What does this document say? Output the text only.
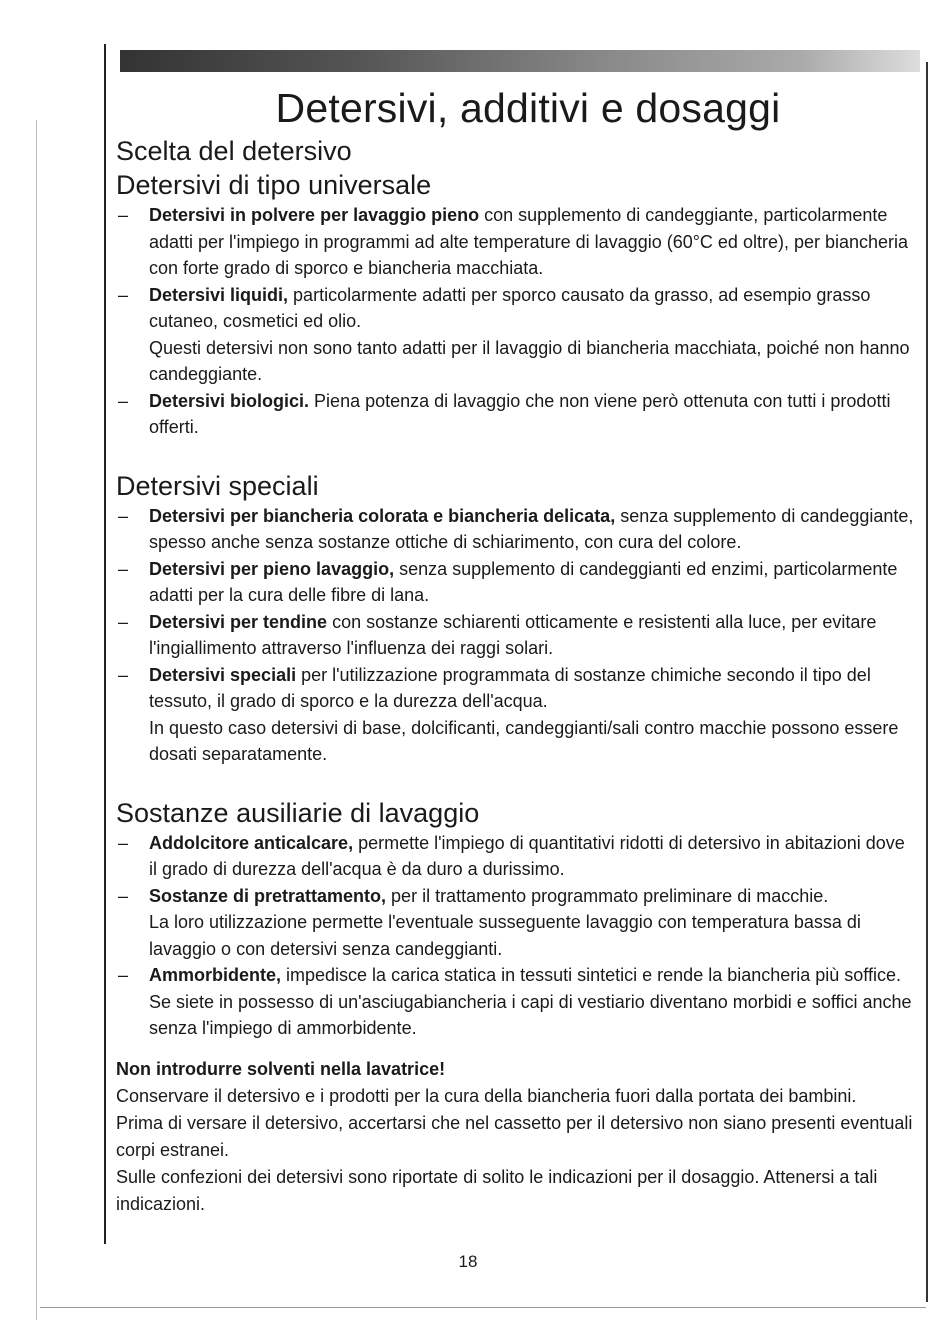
Detersivi, additivi e dosaggi
Scelta del detersivo
Detersivi di tipo universale
– Detersivi in polvere per lavaggio pieno con supplemento di candeggiante, particolarmente adatti per l'impiego in programmi ad alte temperature di lavaggio (60°C ed oltre), per biancheria con forte grado di sporco e biancheria macchiata.
– Detersivi liquidi, particolarmente adatti per sporco causato da grasso, ad esempio grasso cutaneo, cosmetici ed olio.
Questi detersivi non sono tanto adatti per il lavaggio di biancheria macchiata, poiché non hanno candeggiante.
– Detersivi biologici. Piena potenza di lavaggio che non viene però ottenuta con tutti i prodotti offerti.
Detersivi speciali
– Detersivi per biancheria colorata e biancheria delicata, senza supplemento di candeggiante, spesso anche senza sostanze ottiche di schiarimento, con cura del colore.
– Detersivi per pieno lavaggio, senza supplemento di candeggianti ed enzimi, particolarmente adatti per la cura delle fibre di lana.
– Detersivi per tendine con sostanze schiarenti otticamente e resistenti alla luce, per evitare l'ingiallimento attraverso l'influenza dei raggi solari.
– Detersivi speciali per l'utilizzazione programmata di sostanze chimiche secondo il tipo del tessuto, il grado di sporco e la durezza dell'acqua.
In questo caso detersivi di base, dolcificanti, candeggianti/sali contro macchie possono essere dosati separatamente.
Sostanze ausiliarie di lavaggio
– Addolcitore anticalcare, permette l'impiego di quantitativi ridotti di detersivo in abitazioni dove il grado di durezza dell'acqua è da duro a durissimo.
– Sostanze di pretrattamento, per il trattamento programmato preliminare di macchie.
La loro utilizzazione permette l'eventuale susseguente lavaggio con temperatura bassa di lavaggio o con detersivi senza candeggianti.
– Ammorbidente, impedisce la carica statica in tessuti sintetici e rende la biancheria più soffice.
Se siete in possesso di un'asciugabiancheria i capi di vestiario diventano morbidi e soffici anche senza l'impiego di ammorbidente.
Non introdurre solventi nella lavatrice!
Conservare il detersivo e i prodotti per la cura della biancheria fuori dalla portata dei bambini.
Prima di versare il detersivo, accertarsi che nel cassetto per il detersivo non siano presenti eventuali corpi estranei.
Sulle confezioni dei detersivi sono riportate di solito le indicazioni per il dosaggio. Attenersi a tali indicazioni.
18
